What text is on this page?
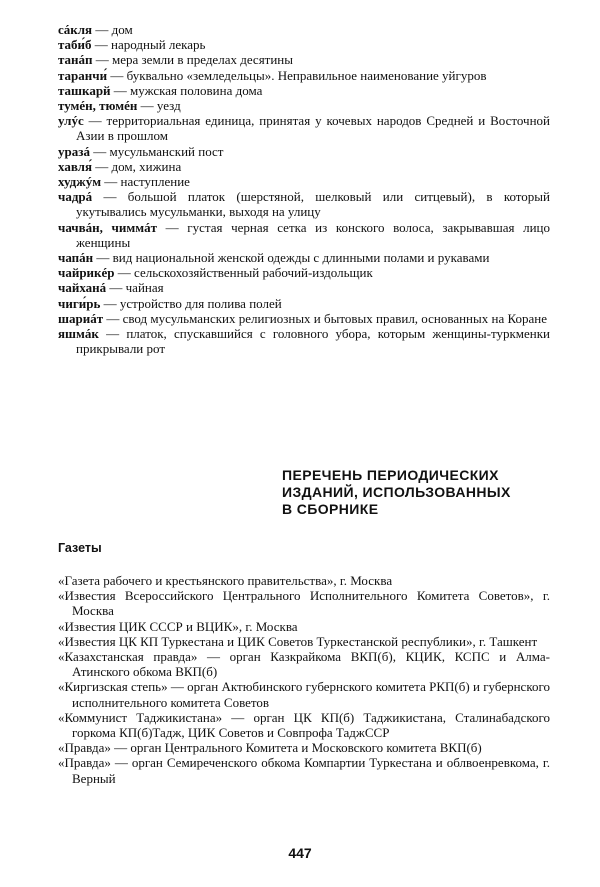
сáкля — дом
таби́б — народный лекарь
танáп — мера земли в пределах десятины
таранчи́ — буквально «земледельцы». Неправильное наименование уйгуров
ташкарй — мужская половина дома
тумéн, тюмéн — уезд
улýс — территориальная единица, принятая у кочевых народов Средней и Восточной Азии в прошлом
уразá — мусульманский пост
хавля́ — дом, хижина
худжýм — наступление
чадрá — большой платок (шерстяной, шелковый или ситцевый), в который укутывались мусульманки, выходя на улицу
чачвáн, чиммáт — густая черная сетка из конского волоса, закрывавшая лицо женщины
чапáн — вид национальной женской одежды с длинными полами и рукавами
чайрикéр — сельскохозяйственный рабочий-издольщик
чайханá — чайная
чиги́рь — устройство для полива полей
шариáт — свод мусульманских религиозных и бытовых правил, основанных на Коране
яшмáк — платок, спускавшийся с головного убора, которым женщины-туркменки прикрывали рот
ПЕРЕЧЕНЬ ПЕРИОДИЧЕСКИХ
ИЗДАНИЙ, ИСПОЛЬЗОВАННЫХ
В СБОРНИКЕ
Газеты
«Газета рабочего и крестьянского правительства», г. Москва
«Известия Всероссийского Центрального Исполнительного Комитета Советов», г. Москва
«Известия ЦИК СССР и ВЦИК», г. Москва
«Известия ЦК КП Туркестана и ЦИК Советов Туркестанской республики», г. Ташкент
«Казахстанская правда» — орган Казкрайкома ВКП(б), КЦИК, КСПС и Алма-Атинского обкома ВКП(б)
«Киргизская степь» — орган Актюбинского губернского комитета РКП(б) и губернского исполнительного комитета Советов
«Коммунист Таджикистана» — орган ЦК КП(б) Таджикистана, Сталинабадского горкома КП(б)Тадж, ЦИК Советов и Совпрофа ТаджССР
«Правда» — орган Центрального Комитета и Московского комитета ВКП(б)
«Правда» — орган Семиреченского обкома Компартии Туркестана и облвоенревкома, г. Верный
447
